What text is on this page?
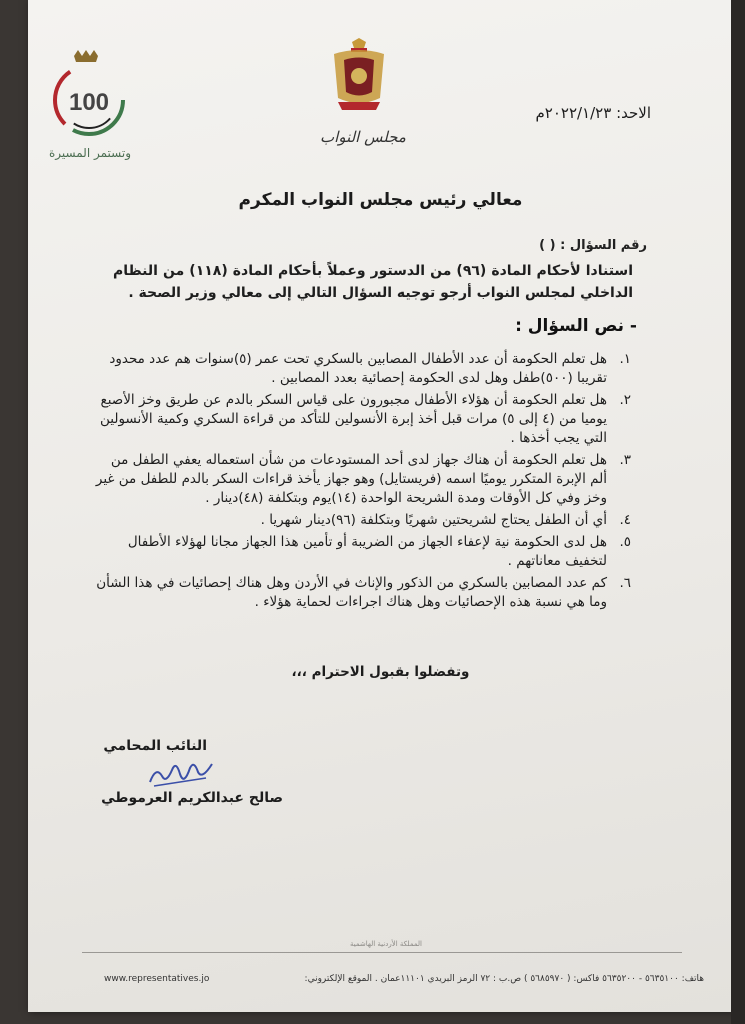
الاحد: ٢٠٢٢/١/٢٣م
مجلس النواب
100
وتستمر المسيرة
معالي رئيس مجلس النواب المكرم
رقم السؤال : ( )
استنادا لأحكام المادة (٩٦) من الدستور وعملاً بأحكام المادة (١١٨) من النظام الداخلي لمجلس النواب أرجو توجيه السؤال التالي إلى معالي وزير الصحة .
- نص السؤال :
١.
هل تعلم الحكومة أن عدد الأطفال المصابين بالسكري تحت عمر (٥)سنوات هم عدد محدود تقريبا (٥٠٠)طفل وهل لدى الحكومة إحصائية بعدد المصابين .
٢.
هل تعلم الحكومة أن هؤلاء الأطفال مجبورون على قياس السكر بالدم عن طريق وخز الأصبع يوميا من (٤ إلى ٥) مرات قبل أخذ إبرة الأنسولين للتأكد من قراءة السكري وكمية الأنسولين التي يجب أخذها .
٣.
هل تعلم الحكومة أن هناك جهاز لدى أحد المستودعات من شأن استعماله يعفي الطفل من ألم الإبرة المتكرر يوميًا اسمه (فريستايل) وهو جهاز يأخذ قراءات السكر بالدم للطفل من غير وخز وفي كل الأوقات ومدة الشريحة الواحدة (١٤)يوم وبتكلفة (٤٨)دينار .
٤.
أي أن الطفل يحتاج لشريحتين شهريًا وبتكلفة (٩٦)دينار شهريا .
٥.
هل لدى الحكومة نية لإعفاء الجهاز من الضريبة أو تأمين هذا الجهاز مجانا لهؤلاء الأطفال لتخفيف معاناتهم .
٦.
كم عدد المصابين بالسكري من الذكور والإناث في الأردن وهل هناك إحصائيات في هذا الشأن وما هي نسبة هذه الإحصائيات وهل هناك اجراءات لحماية هؤلاء .
وتفضلوا بقبول الاحترام ،،،
النائب المحامي
صالح عبدالكريم العرموطي
المملكة الأردنية الهاشمية
www.representatives.jo	هاتف: ٥٦٣٥١٠٠ - ٥٦٣٥٢٠٠ فاكس: ( ٥٦٨٥٩٧٠ ) ص.ب : ٧٢ الرمز البريدي ١١١٠١عمان . الموقع الإلكتروني:
